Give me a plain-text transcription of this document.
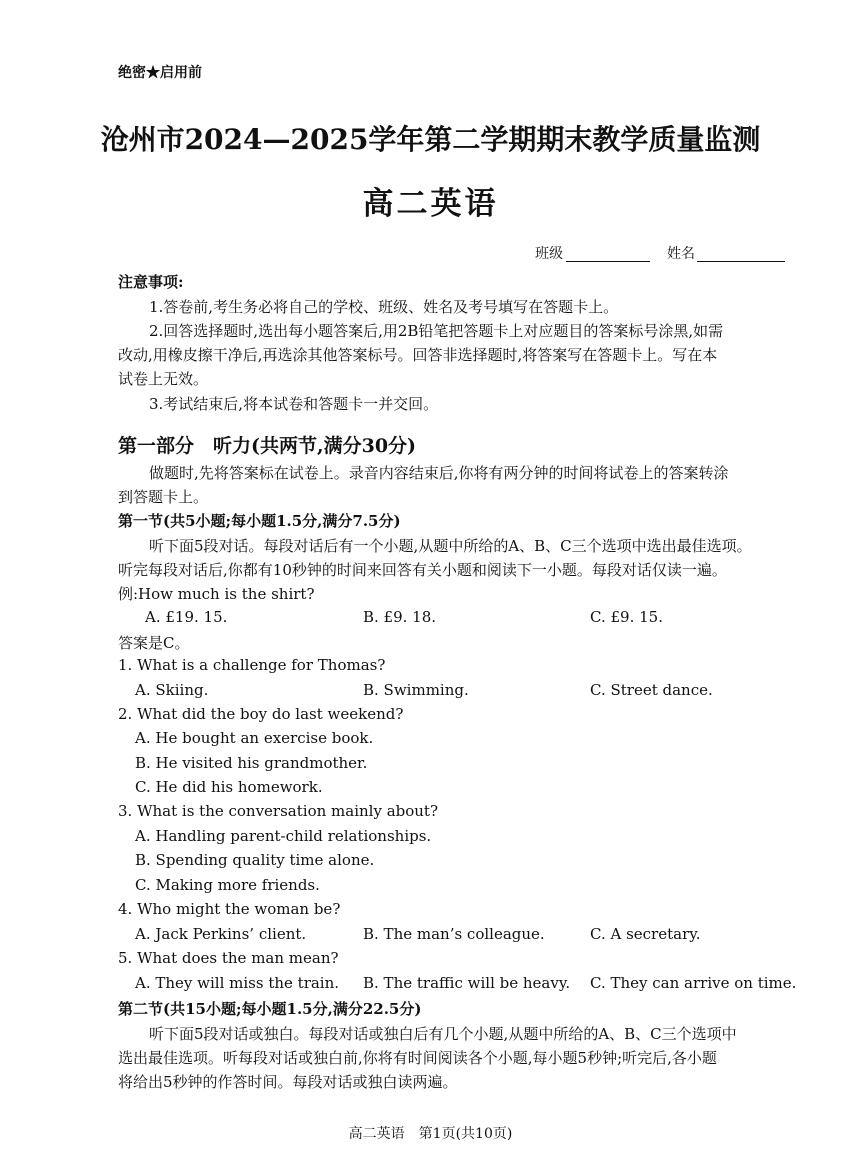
绝密★启用前
沧州市2024—2025学年第二学期期末教学质量监测
高二英语
班级	姓名
注意事项:
1.答卷前,考生务必将自己的学校、班级、姓名及考号填写在答题卡上。
2.回答选择题时,选出每小题答案后,用2B铅笔把答题卡上对应题目的答案标号涂黑,如需
改动,用橡皮擦干净后,再选涂其他答案标号。回答非选择题时,将答案写在答题卡上。写在本
试卷上无效。
3.考试结束后,将本试卷和答题卡一并交回。
第一部分　听力(共两节,满分30分)
做题时,先将答案标在试卷上。录音内容结束后,你将有两分钟的时间将试卷上的答案转涂
到答题卡上。
第一节(共5小题;每小题1.5分,满分7.5分)
听下面5段对话。每段对话后有一个小题,从题中所给的A、B、C三个选项中选出最佳选项。
听完每段对话后,你都有10秒钟的时间来回答有关小题和阅读下一小题。每段对话仅读一遍。
例:How much is the shirt?
A. £19. 15.	B. £9. 18.	C. £9. 15.
答案是C。
1. What is a challenge for Thomas?
A. Skiing.	B. Swimming.	C. Street dance.
2. What did the boy do last weekend?
A. He bought an exercise book.
B. He visited his grandmother.
C. He did his homework.
3. What is the conversation mainly about?
A. Handling parent-child relationships.
B. Spending quality time alone.
C. Making more friends.
4. Who might the woman be?
A. Jack Perkins’ client.	B. The man’s colleague.	C. A secretary.
5. What does the man mean?
A. They will miss the train. B. The traffic will be heavy. C. They can arrive on time.
第二节(共15小题;每小题1.5分,满分22.5分)
听下面5段对话或独白。每段对话或独白后有几个小题,从题中所给的A、B、C三个选项中
选出最佳选项。听每段对话或独白前,你将有时间阅读各个小题,每小题5秒钟;听完后,各小题
将给出5秒钟的作答时间。每段对话或独白读两遍。
高二英语　第1页(共10页)
